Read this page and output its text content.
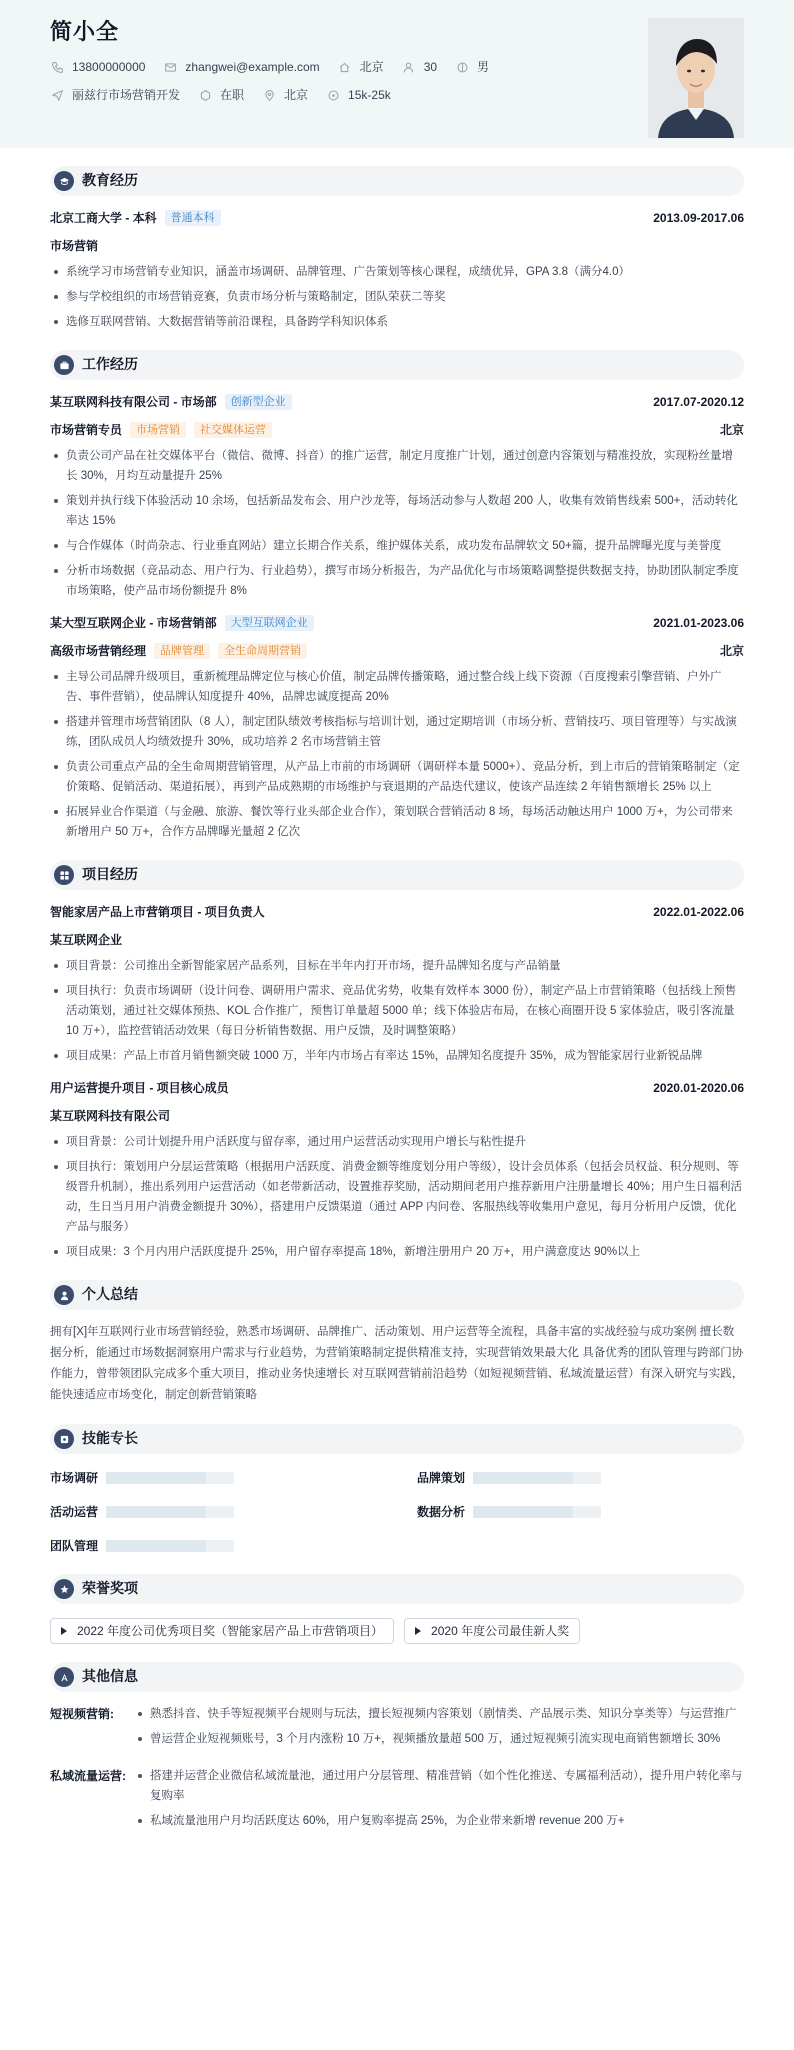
简小全
13800000000	zhangwei@example.com	北京	30	男
丽兹行市场营销开发	在职	北京	15k-25k
教育经历
北京工商大学 - 本科	普通本科	2013.09-2017.06
市场营销
系统学习市场营销专业知识，涵盖市场调研、品牌管理、广告策划等核心课程，成绩优异，GPA 3.8（满分4.0）
参与学校组织的市场营销竞赛，负责市场分析与策略制定，团队荣获二等奖
选修互联网营销、大数据营销等前沿课程，具备跨学科知识体系
工作经历
某互联网科技有限公司 - 市场部	创新型企业	2017.07-2020.12
市场营销专员	市场营销	社交媒体运营	北京
负责公司产品在社交媒体平台（微信、微博、抖音）的推广运营，制定月度推广计划，通过创意内容策划与精准投放，实现粉丝量增长 30%，月均互动量提升 25%
策划并执行线下体验活动 10 余场，包括新品发布会、用户沙龙等，每场活动参与人数超 200 人，收集有效销售线索 500+，活动转化率达 15%
与合作媒体（时尚杂志、行业垂直网站）建立长期合作关系，维护媒体关系，成功发布品牌软文 50+篇，提升品牌曝光度与美誉度
分析市场数据（竞品动态、用户行为、行业趋势），撰写市场分析报告，为产品优化与市场策略调整提供数据支持，协助团队制定季度市场策略，使产品市场份额提升 8%
某大型互联网企业 - 市场营销部	大型互联网企业	2021.01-2023.06
高级市场营销经理	品牌管理	全生命周期营销	北京
主导公司品牌升级项目，重新梳理品牌定位与核心价值，制定品牌传播策略，通过整合线上线下资源（百度搜索引擎营销、户外广告、事件营销），使品牌认知度提升 40%，品牌忠诚度提高 20%
搭建并管理市场营销团队（8 人），制定团队绩效考核指标与培训计划，通过定期培训（市场分析、营销技巧、项目管理等）与实战演练，团队成员人均绩效提升 30%，成功培养 2 名市场营销主管
负责公司重点产品的全生命周期营销管理，从产品上市前的市场调研（调研样本量 5000+）、竞品分析，到上市后的营销策略制定（定价策略、促销活动、渠道拓展），再到产品成熟期的市场维护与衰退期的产品迭代建议，使该产品连续 2 年销售额增长 25% 以上
拓展异业合作渠道（与金融、旅游、餐饮等行业头部企业合作），策划联合营销活动 8 场，每场活动触达用户 1000 万+，为公司带来新增用户 50 万+，合作方品牌曝光量超 2 亿次
项目经历
智能家居产品上市营销项目 - 项目负责人	2022.01-2022.06
某互联网企业
项目背景：公司推出全新智能家居产品系列，目标在半年内打开市场，提升品牌知名度与产品销量
项目执行：负责市场调研（设计问卷、调研用户需求、竞品优劣势，收集有效样本 3000 份），制定产品上市营销策略（包括线上预售活动策划，通过社交媒体预热、KOL 合作推广，预售订单量超 5000 单；线下体验店布局，在核心商圈开设 5 家体验店，吸引客流量 10 万+），监控营销活动效果（每日分析销售数据、用户反馈，及时调整策略）
项目成果：产品上市首月销售额突破 1000 万，半年内市场占有率达 15%，品牌知名度提升 35%，成为智能家居行业新锐品牌
用户运营提升项目 - 项目核心成员	2020.01-2020.06
某互联网科技有限公司
项目背景：公司计划提升用户活跃度与留存率，通过用户运营活动实现用户增长与粘性提升
项目执行：策划用户分层运营策略（根据用户活跃度、消费金额等维度划分用户等级），设计会员体系（包括会员权益、积分规则、等级晋升机制），推出系列用户运营活动（如老带新活动，设置推荐奖励，活动期间老用户推荐新用户注册量增长 40%；用户生日福利活动，生日当月用户消费金额提升 30%），搭建用户反馈渠道（通过 APP 内问卷、客服热线等收集用户意见，每月分析用户反馈，优化产品与服务）
项目成果：3 个月内用户活跃度提升 25%，用户留存率提高 18%，新增注册用户 20 万+，用户满意度达 90%以上
个人总结
拥有[X]年互联网行业市场营销经验，熟悉市场调研、品牌推广、活动策划、用户运营等全流程，具备丰富的实战经验与成功案例 擅长数据分析，能通过市场数据洞察用户需求与行业趋势，为营销策略制定提供精准支持，实现营销效果最大化 具备优秀的团队管理与跨部门协作能力，曾带领团队完成多个重大项目，推动业务快速增长 对互联网营销前沿趋势（如短视频营销、私域流量运营）有深入研究与实践，能快速适应市场变化，制定创新营销策略
技能专长
市场调研	品牌策划
活动运营	数据分析
团队管理
荣誉奖项
2022 年度公司优秀项目奖（智能家居产品上市营销项目）	2020 年度公司最佳新人奖
其他信息
短视频营销:	熟悉抖音、快手等短视频平台规则与玩法，擅长短视频内容策划（剧情类、产品展示类、知识分享类等）与运营推广
曾运营企业短视频账号，3 个月内涨粉 10 万+，视频播放量超 500 万，通过短视频引流实现电商销售额增长 30%
私域流量运营:	搭建并运营企业微信私域流量池，通过用户分层管理、精准营销（如个性化推送、专属福利活动），提升用户转化率与复购率
私域流量池用户月均活跃度达 60%，用户复购率提高 25%，为企业带来新增 revenue 200 万+
